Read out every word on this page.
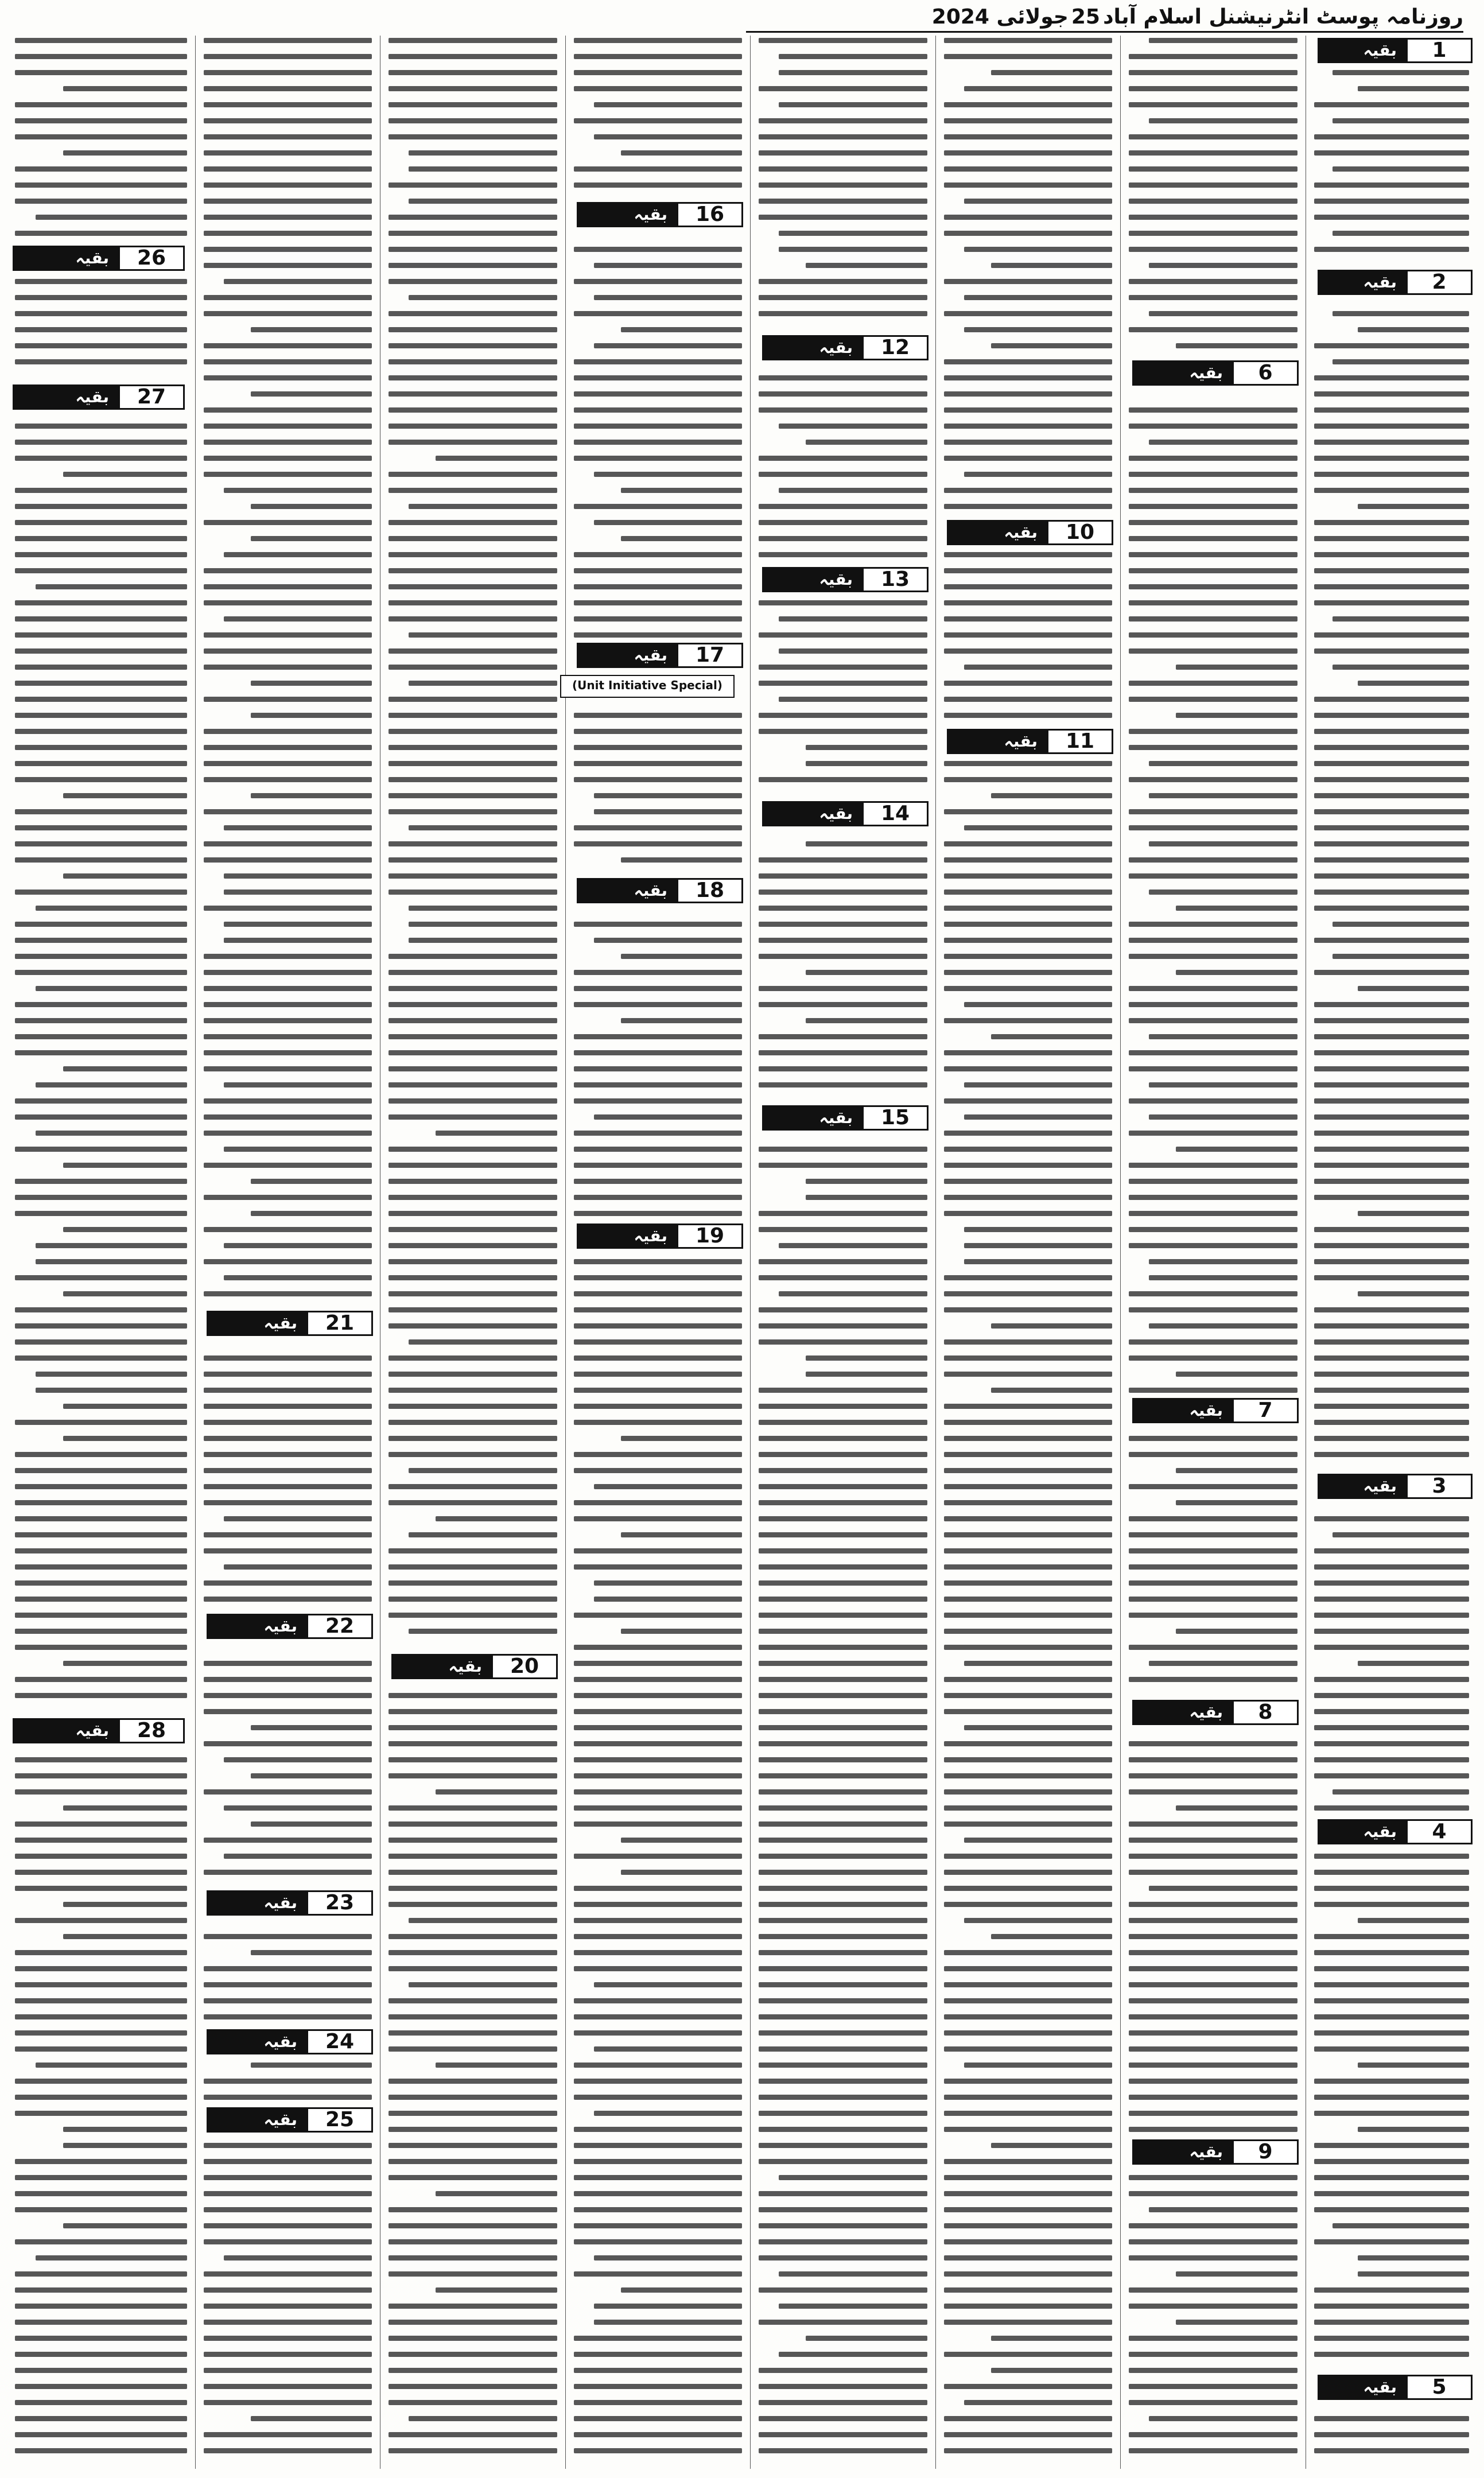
روزنامہ پوسٹ انٹرنیشنل اسلام آباد 25 جولائی 2024
1
بقیہ
2
بقیہ
3
بقیہ
4
بقیہ
5
بقیہ
6
بقیہ
7
بقیہ
8
بقیہ
9
بقیہ
10
بقیہ
11
بقیہ
12
بقیہ
13
بقیہ
14
بقیہ
15
بقیہ
16
بقیہ
17
بقیہ
18
بقیہ
19
بقیہ
20
بقیہ
21
بقیہ
22
بقیہ
23
بقیہ
24
بقیہ
25
بقیہ
26
بقیہ
27
بقیہ
28
بقیہ
(Unit Initiative Special)
